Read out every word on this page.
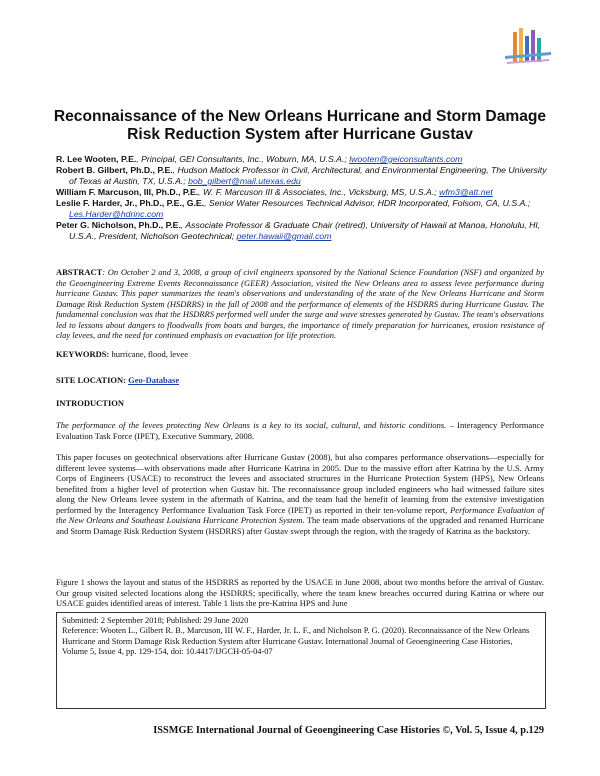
Reconnaissance of the New Orleans Hurricane and Storm Damage Risk Reduction System after Hurricane Gustav

R. Lee Wooten, P.E., Principal, GEI Consultants, Inc., Woburn, MA, U.S.A.; lwooten@geiconsultants.com

Robert B. Gilbert, Ph.D., P.E., Hudson Matlock Professor in Civil, Architectural, and Environmental Engineering, The University of Texas at Austin, TX, U.S.A.; bob_gilbert@mail.utexas.edu

William F. Marcuson, III, Ph.D., P.E., W. F. Marcuson III & Associates, Inc., Vicksburg, MS, U.S.A.; wfm3@att.net

Leslie F. Harder, Jr., Ph.D., P.E., G.E., Senior Water Resources Technical Advisor, HDR Incorporated, Folsom, CA, U.S.A.; Les.Harder@hdrinc.com

Peter G. Nicholson, Ph.D., P.E., Associate Professor & Graduate Chair (retired), University of Hawaii at Manoa, Honolulu, HI, U.S.A., President, Nicholson Geotechnical; peter.hawaii@gmail.com

ABSTRACT: On October 2 and 3, 2008, a group of civil engineers sponsored by the National Science Foundation (NSF) and organized by the Geoengineering Extreme Events Reconnaissance (GEER) Association, visited the New Orleans area to assess levee performance during hurricane Gustav. This paper summarizes the team's observations and understanding of the state of the New Orleans Hurricane and Storm Damage Risk Reduction System (HSDRRS) in the fall of 2008 and the performance of elements of the HSDRRS during Hurricane Gustav. The fundamental conclusion was that the HSDRRS performed well under the surge and wave stresses generated by Gustav. The team's observations led to lessons about dangers to floodwalls from boats and barges, the importance of timely preparation for hurricanes, erosion resistance of clay levees, and the need for continued emphasis on evacuation for life protection.

KEYWORDS: hurricane, flood, levee

SITE LOCATION: Geo-Database

INTRODUCTION

The performance of the levees protecting New Orleans is a key to its social, cultural, and historic conditions. – Interagency Performance Evaluation Task Force (IPET), Executive Summary, 2008.

This paper focuses on geotechnical observations after Hurricane Gustav (2008), but also compares performance observations—especially for different levee systems—with observations made after Hurricane Katrina in 2005. Due to the massive effort after Katrina by the U.S. Army Corps of Engineers (USACE) to reconstruct the levees and associated structures in the Hurricane Protection System (HPS), New Orleans benefited from a higher level of protection when Gustav hit. The reconnaissance group included engineers who had witnessed failure sites along the New Orleans levee system in the aftermath of Katrina, and the team had the benefit of learning from the extensive investigation performed by the Interagency Performance Evaluation Task Force (IPET) as reported in their ten-volume report, Performance Evaluation of the New Orleans and Southeast Louisiana Hurricane Protection System. The team made observations of the upgraded and renamed Hurricane and Storm Damage Risk Reduction System (HSDRRS) after Gustav swept through the region, with the tragedy of Katrina as the backstory.

Figure 1 shows the layout and status of the HSDRRS as reported by the USACE in June 2008, about two months before the arrival of Gustav. Our group visited selected locations along the HSDRRS; specifically, where the team knew breaches occurred during Katrina or where our USACE guides identified areas of interest. Table 1 lists the pre-Katrina HPS and June

Submitted: 2 September 2018; Published: 29 June 2020

Reference: Wooten L., Gilbert R. B., Marcuson, III W. F., Harder, Jr. L. F., and Nicholson P. G. (2020). Reconnaissance of the New Orleans Hurricane and Storm Damage Risk Reduction System after Hurricane Gustav. International Journal of Geoengineering Case Histories, Volume 5, Issue 4, pp. 129-154, doi: 10.4417/IJGCH-05-04-07

ISSMGE International Journal of Geoengineering Case Histories ©, Vol. 5, Issue 4, p.129
